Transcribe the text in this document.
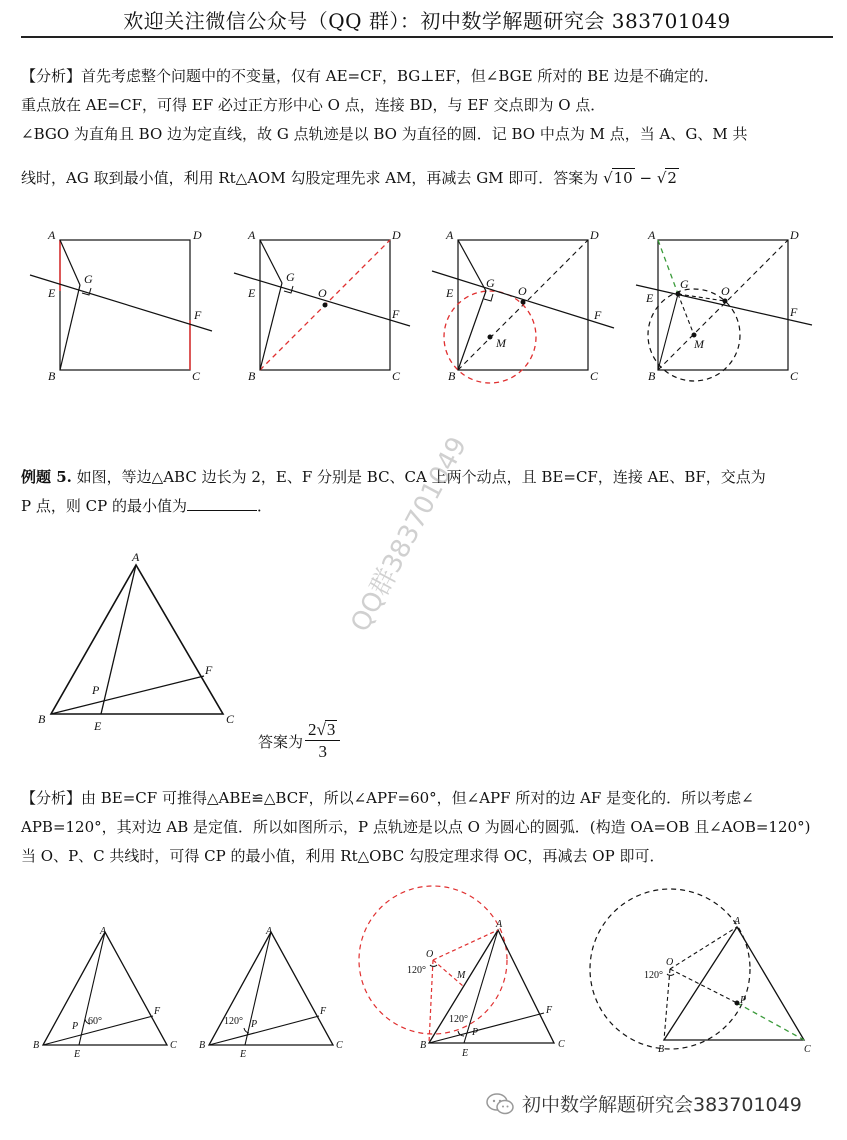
欢迎关注微信公众号（QQ 群）：初中数学解题研究会 383701049

【分析】首先考虑整个问题中的不变量，仅有 AE=CF，BG⊥EF，但∠BGE 所对的 BE 边是不确定的．

重点放在 AE=CF，可得 EF 必过正方形中心 O 点，连接 BD，与 EF 交点即为 O 点．

∠BGO 为直角且 BO 边为定直线，故 G 点轨迹是以 BO 为直径的圆．记 BO 中点为 M 点，当 A、G、M 共

线时，AG 取到最小值，利用 Rt△AOM 勾股定理先求 AM，再减去 GM 即可．答案为 √10 − √2

A	D
E
F
G
B	C
A	D
E
F
G
O
B	C
A	D
E
F
G
O
M
B	C
A	D
E
F
G	O
M
B	C

例题 5. 如图，等边△ABC 边长为 2，E、F 分别是 BC、CA 上两个动点，且 BE=CF，连接 AE、BF，交点为

P 点，则 CP 的最小值为	．

A
B	C
E
F
P
QQ群383701049
答案为 $\frac{2√3}{3}$

【分析】由 BE=CF 可推得△ABE≌△BCF，所以∠APF=60°，但∠APF 所对的边 AF 是变化的．所以考虑∠

APB=120°，其对边 AB 是定值．所以如图所示，P 点轨迹是以点 O 为圆心的圆弧．(构造 OA=OB 且∠AOB=120°)

当 O、P、C 共线时，可得 CP 的最小值，利用 Rt△OBC 勾股定理求得 OC，再减去 OP 即可．

A
B	C
E
F
P 60°
A
B	C
E
F
P
120°
A
B	C
E
F
P
O
M
120°
120°
A
B	C
P
O
120°
初中数学解题研究会383701049
